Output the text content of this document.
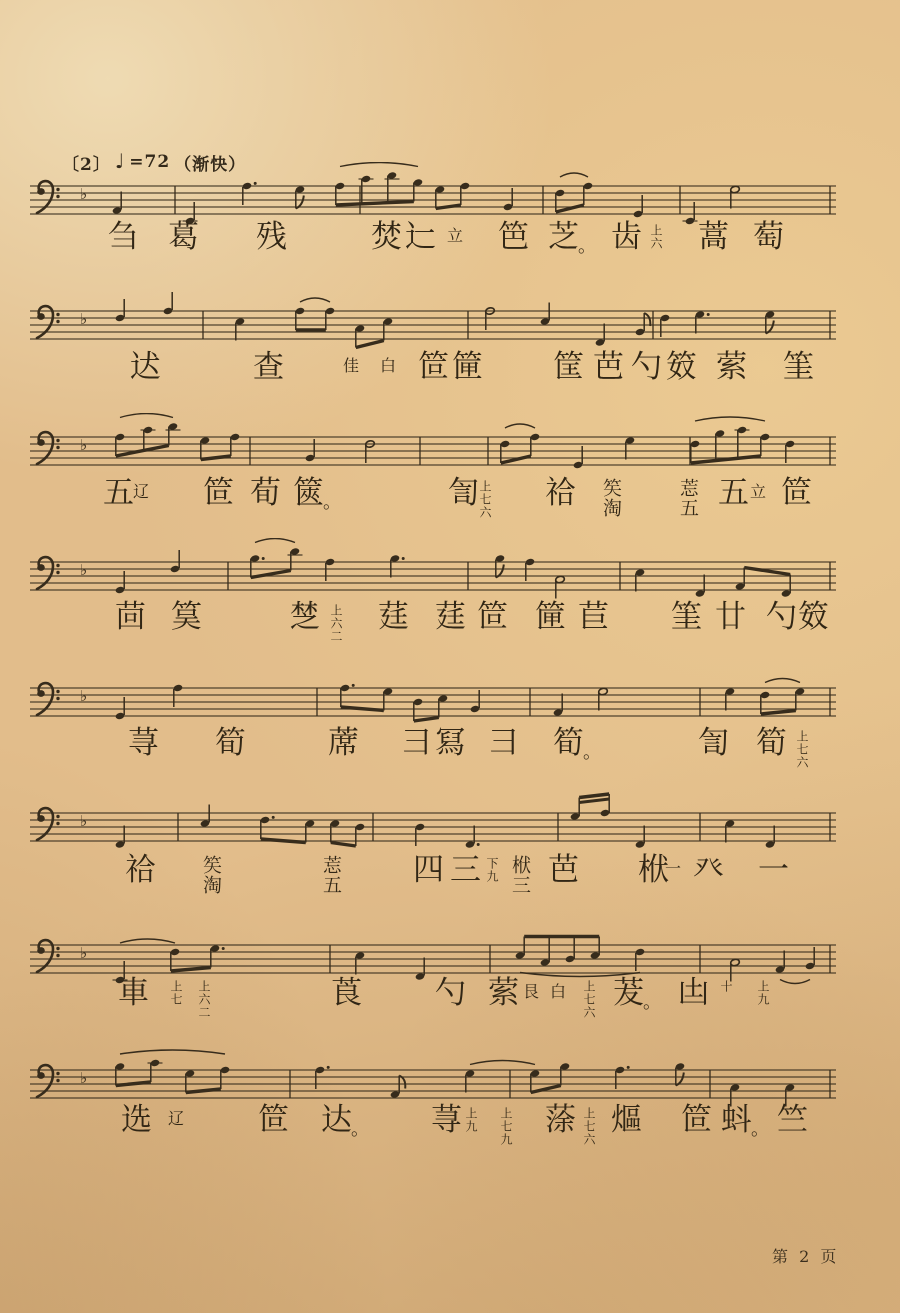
〔2〕 ♩ =72 （渐快）
♭
刍 葛 残	焚 辷 立 笆 芝 。 齿 上六 蒿 萄
♭
迖	查	佳 白 笸 筪 筐 芭 勺 笯 萦 筀
♭
五 辽 笸 荀 篋 。	訇 上七六 祫 笶淘	莣五 五 立 笸
♭
茴 筽	椘 上六二 莛 莛 笸 筪 苣 筀 廿 勺 笯
♭
荨 筍	蓆 彐 冩 彐 筍 。	訇 筍 上七六
♭
祫 笶淘	莣五 四 三 下九 栿三 芭 栿
一 癶 一
♭
車 上七 上六二	莨 勺 萦 艮 白 上七六 茇 。 凷 十 上九
♭
选 辽 笸 达 。 荨 上九 上七九 蒤 上七六 熰 笸 蚪 。 竺
第 2 页
